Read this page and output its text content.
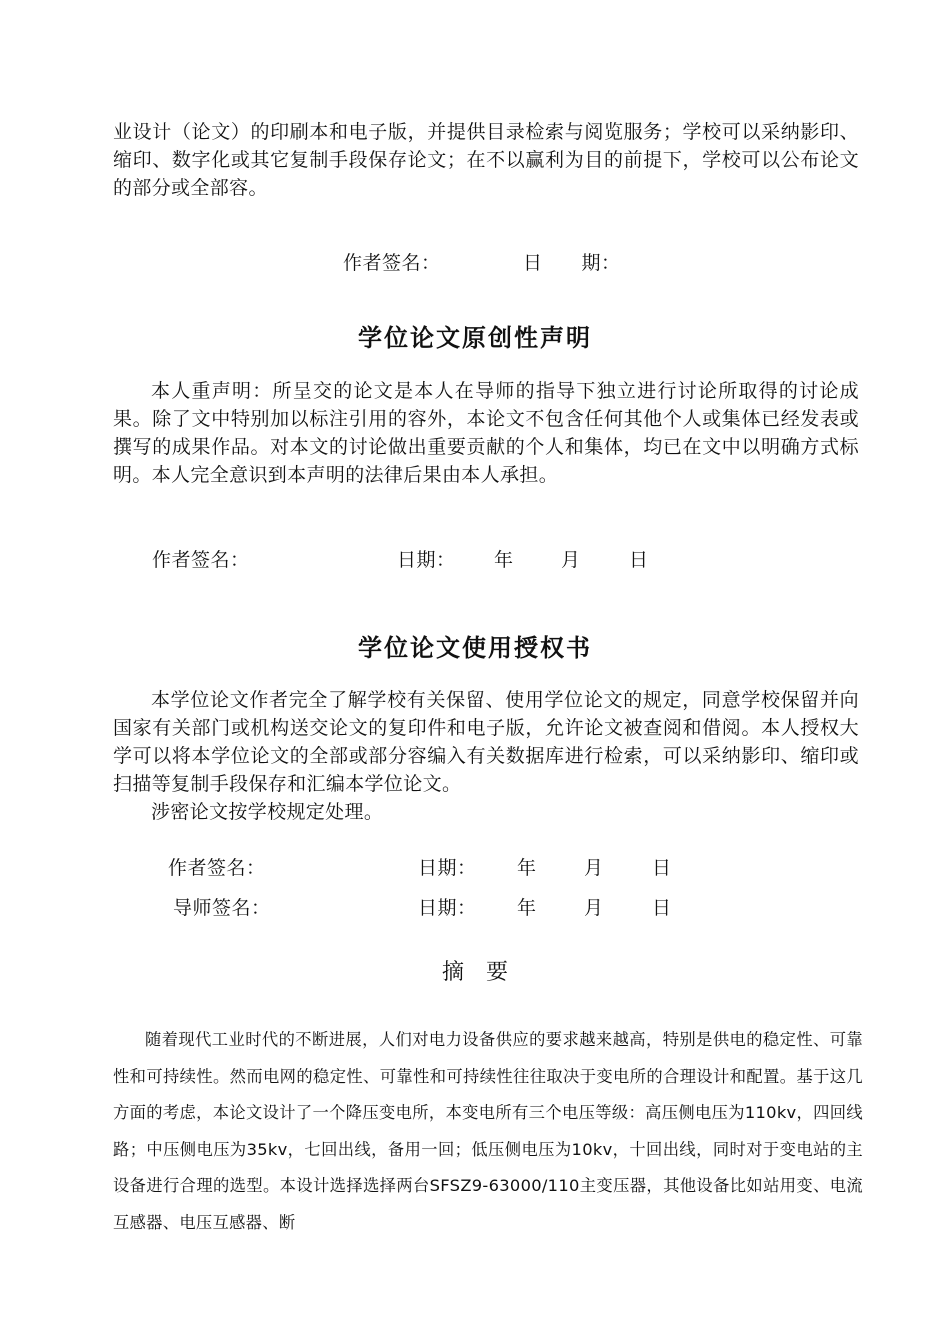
业设计（论文）的印刷本和电子版，并提供目录检索与阅览服务；学校可以采纳影印、缩印、数字化或其它复制手段保存论文；在不以赢利为目的前提下，学校可以公布论文的部分或全部容。
作者签名：	日　　期：
学位论文原创性声明
本人重声明：所呈交的论文是本人在导师的指导下独立进行讨论所取得的讨论成果。除了文中特别加以标注引用的容外，本论文不包含任何其他个人或集体已经发表或撰写的成果作品。对本文的讨论做出重要贡献的个人和集体，均已在文中以明确方式标明。本人完全意识到本声明的法律后果由本人承担。
作者签名：	日期： 年 月	日
学位论文使用授权书
本学位论文作者完全了解学校有关保留、使用学位论文的规定，同意学校保留并向国家有关部门或机构送交论文的复印件和电子版，允许论文被查阅和借阅。本人授权大学可以将本学位论文的全部或部分容编入有关数据库进行检索，可以采纳影印、缩印或扫描等复制手段保存和汇编本学位论文。
涉密论文按学校规定处理。
作者签名：	日期： 年 月	日
导师签名：	日期： 年 月	日
摘　要
随着现代工业时代的不断进展，人们对电力设备供应的要求越来越高，特别是供电的稳定性、可靠性和可持续性。然而电网的稳定性、可靠性和可持续性往往取决于变电所的合理设计和配置。基于这几方面的考虑，本论文设计了一个降压变电所，本变电所有三个电压等级：高压侧电压为110kv，四回线路；中压侧电压为35kv，七回出线，备用一回；低压侧电压为10kv，十回出线，同时对于变电站的主设备进行合理的选型。本设计选择选择两台SFSZ9-63000/110主变压器，其他设备比如站用变、电流互感器、电压互感器、断
